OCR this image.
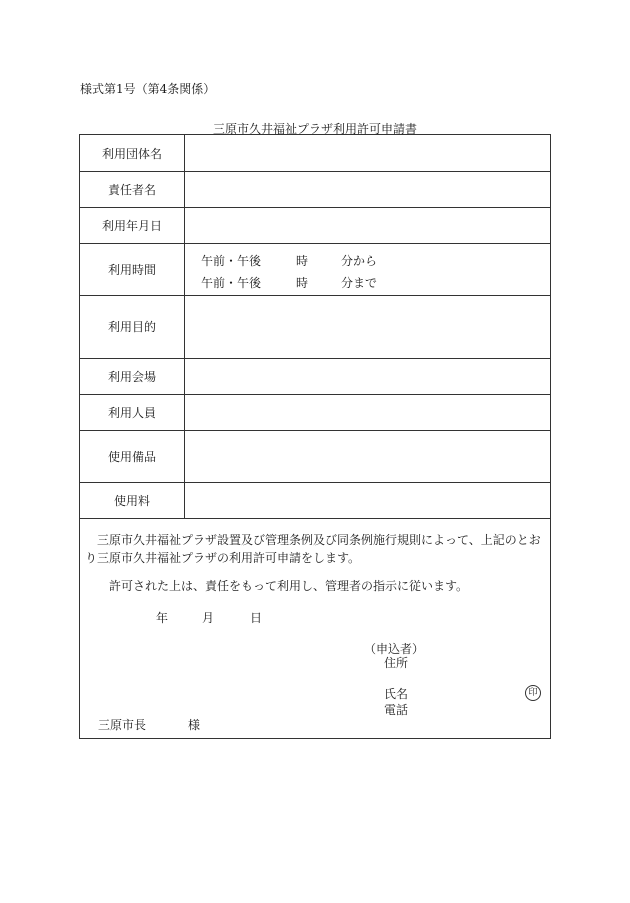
様式第1号（第4条関係）
三原市久井福祉プラザ利用許可申請書
利用団体名
責任者名
利用年月日
利用時間
午前・午後	時	分から
午前・午後	時	分まで
利用目的
利用会場
利用人員
使用備品
使用料
三原市久井福祉プラザ設置及び管理条例及び同条例施行規則によって、上記のとおり三原市久井福祉プラザの利用許可申請をします。
許可された上は、責任をもって利用し、管理者の指示に従います。
年	月	日
（申込者）
住所
氏名	印
電話
三原市長	様
